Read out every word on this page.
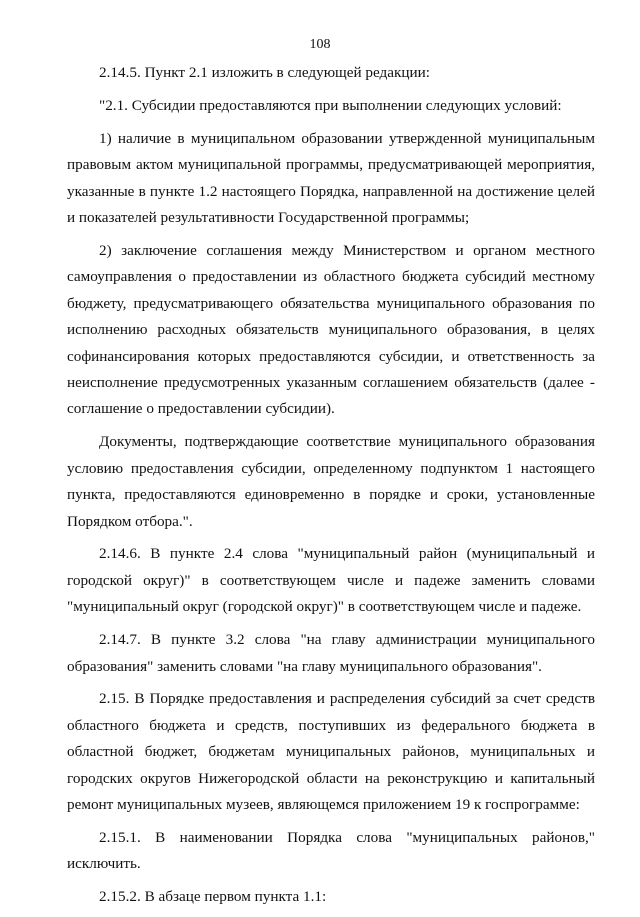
108

2.14.5. Пункт 2.1 изложить в следующей редакции:

"2.1. Субсидии предоставляются при выполнении следующих условий:

1) наличие в муниципальном образовании утвержденной муниципальным правовым актом муниципальной программы, предусматривающей мероприятия, указанные в пункте 1.2 настоящего Порядка, направленной на достижение целей и показателей результативности Государственной программы;

2) заключение соглашения между Министерством и органом местного самоуправления о предоставлении из областного бюджета субсидий местному бюджету, предусматривающего обязательства муниципального образования по исполнению расходных обязательств муниципального образования, в целях софинансирования которых предоставляются субсидии, и ответственность за неисполнение предусмотренных указанным соглашением обязательств (далее - соглашение о предоставлении субсидии).

Документы, подтверждающие соответствие муниципального образования условию предоставления субсидии, определенному подпунктом 1 настоящего пункта, предоставляются единовременно в порядке и сроки, установленные Порядком отбора.".

2.14.6. В пункте 2.4 слова "муниципальный район (муниципальный и городской округ)" в соответствующем числе и падеже заменить словами "муниципальный округ (городской округ)" в соответствующем числе и падеже.

2.14.7. В пункте 3.2 слова "на главу администрации муниципального образования" заменить словами "на главу муниципального образования".

2.15. В Порядке предоставления и распределения субсидий за счет средств областного бюджета и средств, поступивших из федерального бюджета в областной бюджет, бюджетам муниципальных районов, муниципальных и городских округов Нижегородской области на реконструкцию и капитальный ремонт муниципальных музеев, являющемся приложением 19 к госпрограмме:

2.15.1. В наименовании Порядка слова "муниципальных районов," исключить.

2.15.2. В абзаце первом пункта 1.1:
